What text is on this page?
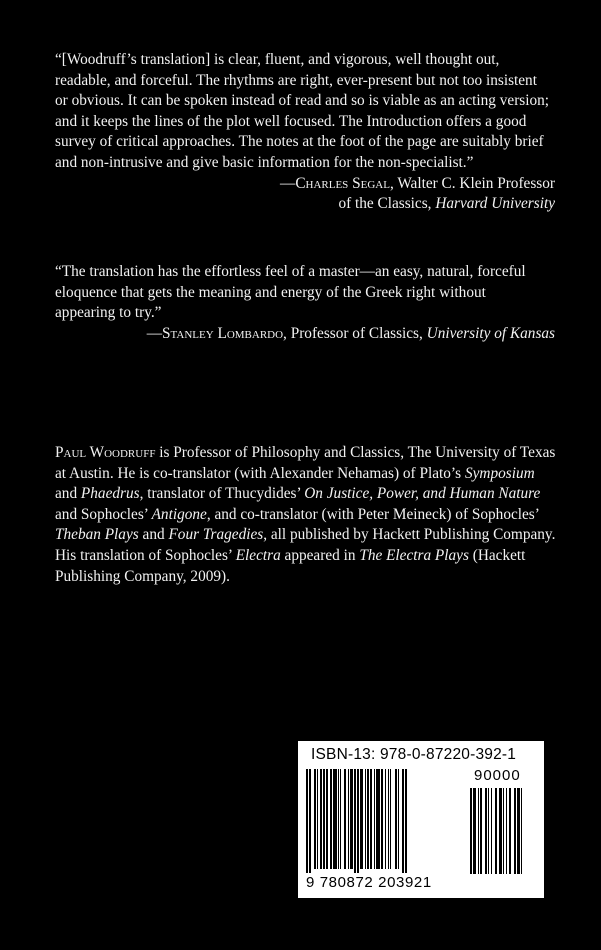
“[Woodruff’s translation] is clear, fluent, and vigorous, well thought out,
readable, and forceful. The rhythms are right, ever-present but not too insistent
or obvious. It can be spoken instead of read and so is viable as an acting version;
and it keeps the lines of the plot well focused. The Introduction offers a good
survey of critical approaches. The notes at the foot of the page are suitably brief
and non-intrusive and give basic information for the non-specialist.”

—Charles Segal, Walter C. Klein Professor

of the Classics, Harvard University

“The translation has the effortless feel of a master—an easy, natural, forceful
eloquence that gets the meaning and energy of the Greek right without
appearing to try.”

—Stanley Lombardo, Professor of Classics, University of Kansas

Paul Woodruff is Professor of Philosophy and Classics, The University of Texas
at Austin. He is co-translator (with Alexander Nehamas) of Plato’s Symposium
and Phaedrus, translator of Thucydides’ On Justice, Power, and Human Nature
and Sophocles’ Antigone, and co-translator (with Peter Meineck) of Sophocles’
Theban Plays and Four Tragedies, all published by Hackett Publishing Company.
His translation of Sophocles’ Electra appeared in The Electra Plays (Hackett
Publishing Company, 2009).

ISBN-13: 978-0-87220-392-1
90000
9 780872 203921
